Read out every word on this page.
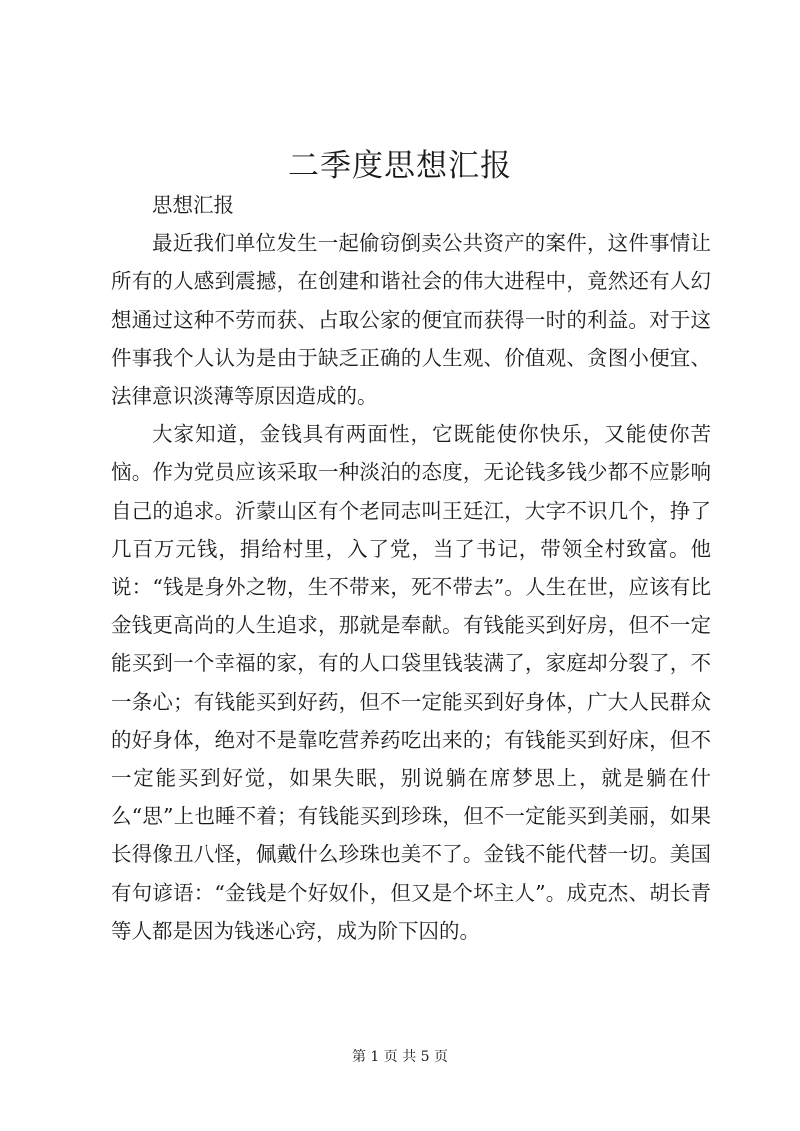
二季度思想汇报

思想汇报

最近我们单位发生一起偷窃倒卖公共资产的案件，这件事情让所有的人感到震撼，在创建和谐社会的伟大进程中，竟然还有人幻想通过这种不劳而获、占取公家的便宜而获得一时的利益。对于这件事我个人认为是由于缺乏正确的人生观、价值观、贪图小便宜、法律意识淡薄等原因造成的。

大家知道，金钱具有两面性，它既能使你快乐，又能使你苦恼。作为党员应该采取一种淡泊的态度，无论钱多钱少都不应影响自己的追求。沂蒙山区有个老同志叫王廷江，大字不识几个，挣了几百万元钱，捐给村里，入了党，当了书记，带领全村致富。他说：“钱是身外之物，生不带来，死不带去”。人生在世，应该有比金钱更高尚的人生追求，那就是奉献。有钱能买到好房，但不一定能买到一个幸福的家，有的人口袋里钱装满了，家庭却分裂了，不一条心；有钱能买到好药，但不一定能买到好身体，广大人民群众的好身体，绝对不是靠吃营养药吃出来的；有钱能买到好床，但不一定能买到好觉，如果失眠，别说躺在席梦思上，就是躺在什么“思”上也睡不着；有钱能买到珍珠，但不一定能买到美丽，如果长得像丑八怪，佩戴什么珍珠也美不了。金钱不能代替一切。美国有句谚语：“金钱是个好奴仆，但又是个坏主人”。成克杰、胡长青等人都是因为钱迷心窍，成为阶下囚的。

第 1 页 共 5 页
